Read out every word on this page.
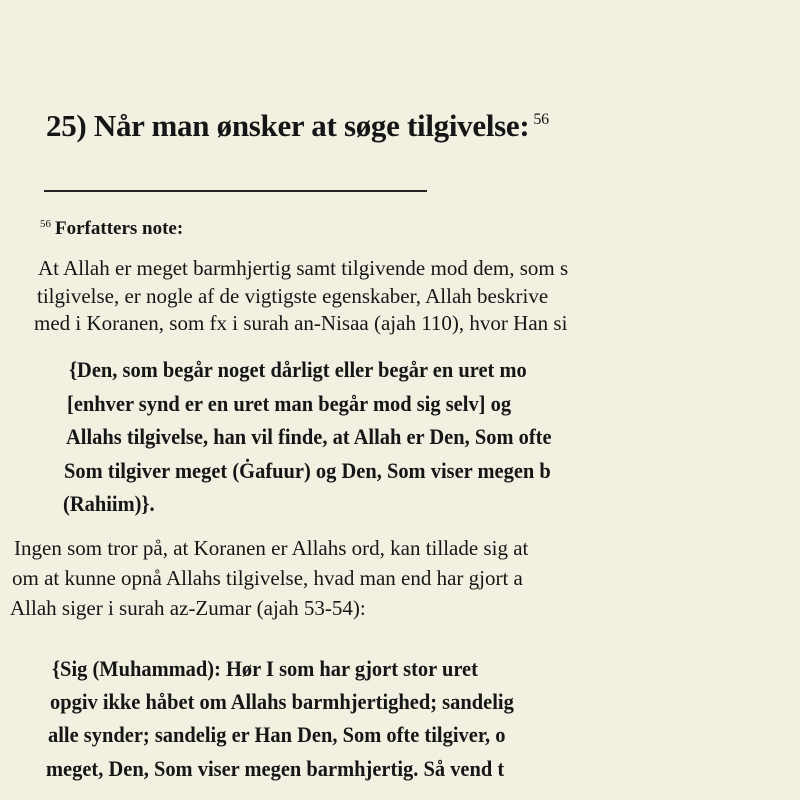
25) Når man ønsker at søge tilgivelse: $^{56}$
$^{56}$ Forfatters note:
At Allah er meget barmhjertig samt tilgivende mod dem, som s
tilgivelse, er nogle af de vigtigste egenskaber, Allah beskrive
med i Koranen, som fx i surah an-Nisaa (ajah 110), hvor Han si
{Den, som begår noget dårligt eller begår en uret mo
[enhver synd er en uret man begår mod sig selv] og
Allahs tilgivelse, han vil finde, at Allah er Den, Som ofte
Som tilgiver meget (Ġafuur) og Den, Som viser megen b
(Rahiim)}.
Ingen som tror på, at Koranen er Allahs ord, kan tillade sig at
om at kunne opnå Allahs tilgivelse, hvad man end har gjort a
Allah siger i surah az-Zumar (ajah 53-54):
{Sig (Muhammad): Hør I som har gjort stor uret
opgiv ikke håbet om Allahs barmhjertighed; sandelig
alle synder; sandelig er Han Den, Som ofte tilgiver, o
meget, Den, Som viser megen barmhjertig. Så vend t
